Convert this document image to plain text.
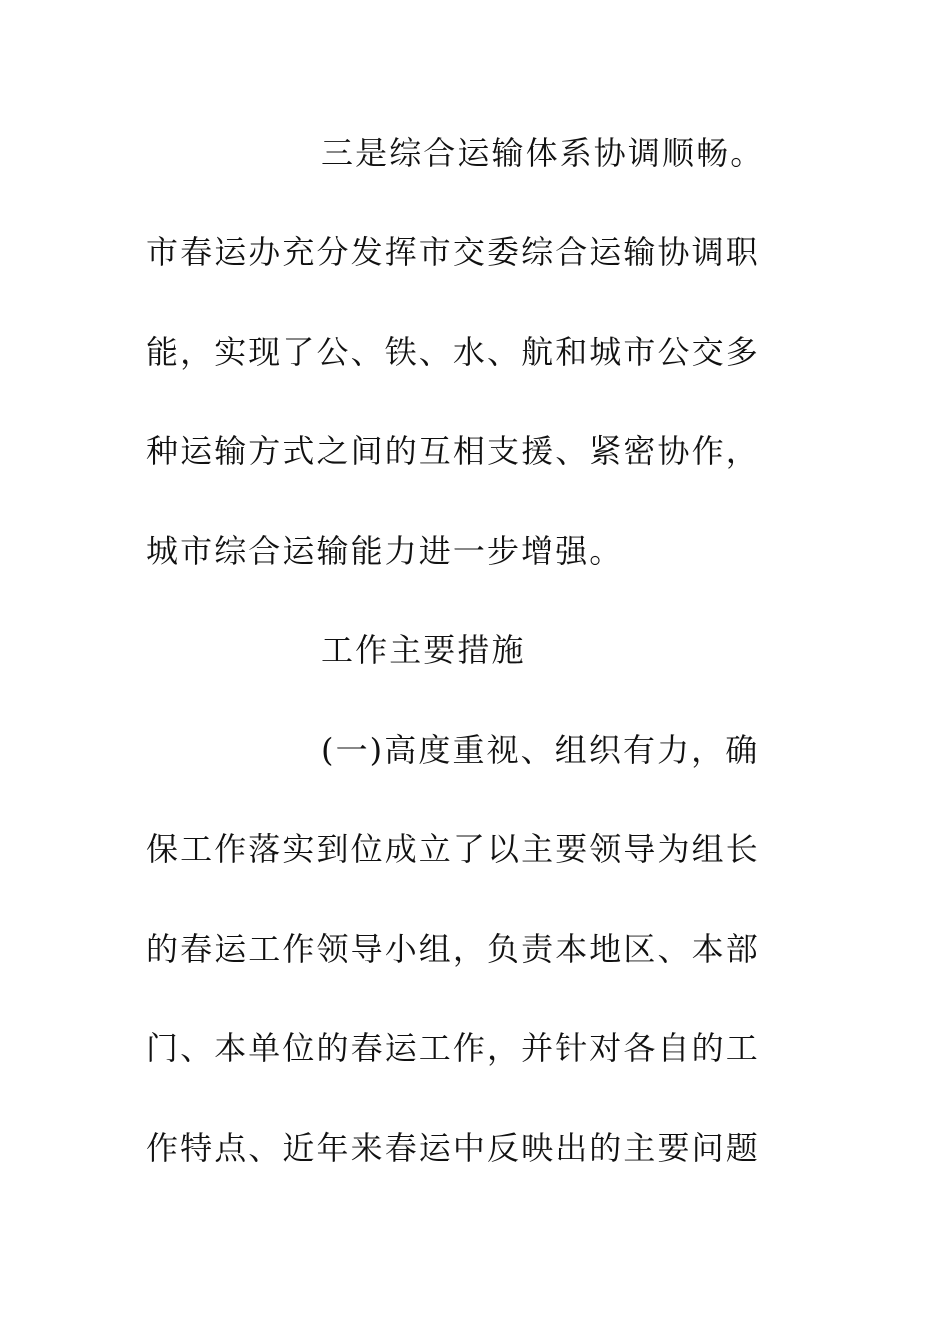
三是综合运输体系协调顺畅。
市春运办充分发挥市交委综合运输协调职
能，实现了公、铁、水、航和城市公交多
种运输方式之间的互相支援、紧密协作，
城市综合运输能力进一步增强。
工作主要措施
(一)高度重视、组织有力，确
保工作落实到位成立了以主要领导为组长
的春运工作领导小组，负责本地区、本部
门、本单位的春运工作，并针对各自的工
作特点、近年来春运中反映出的主要问题
